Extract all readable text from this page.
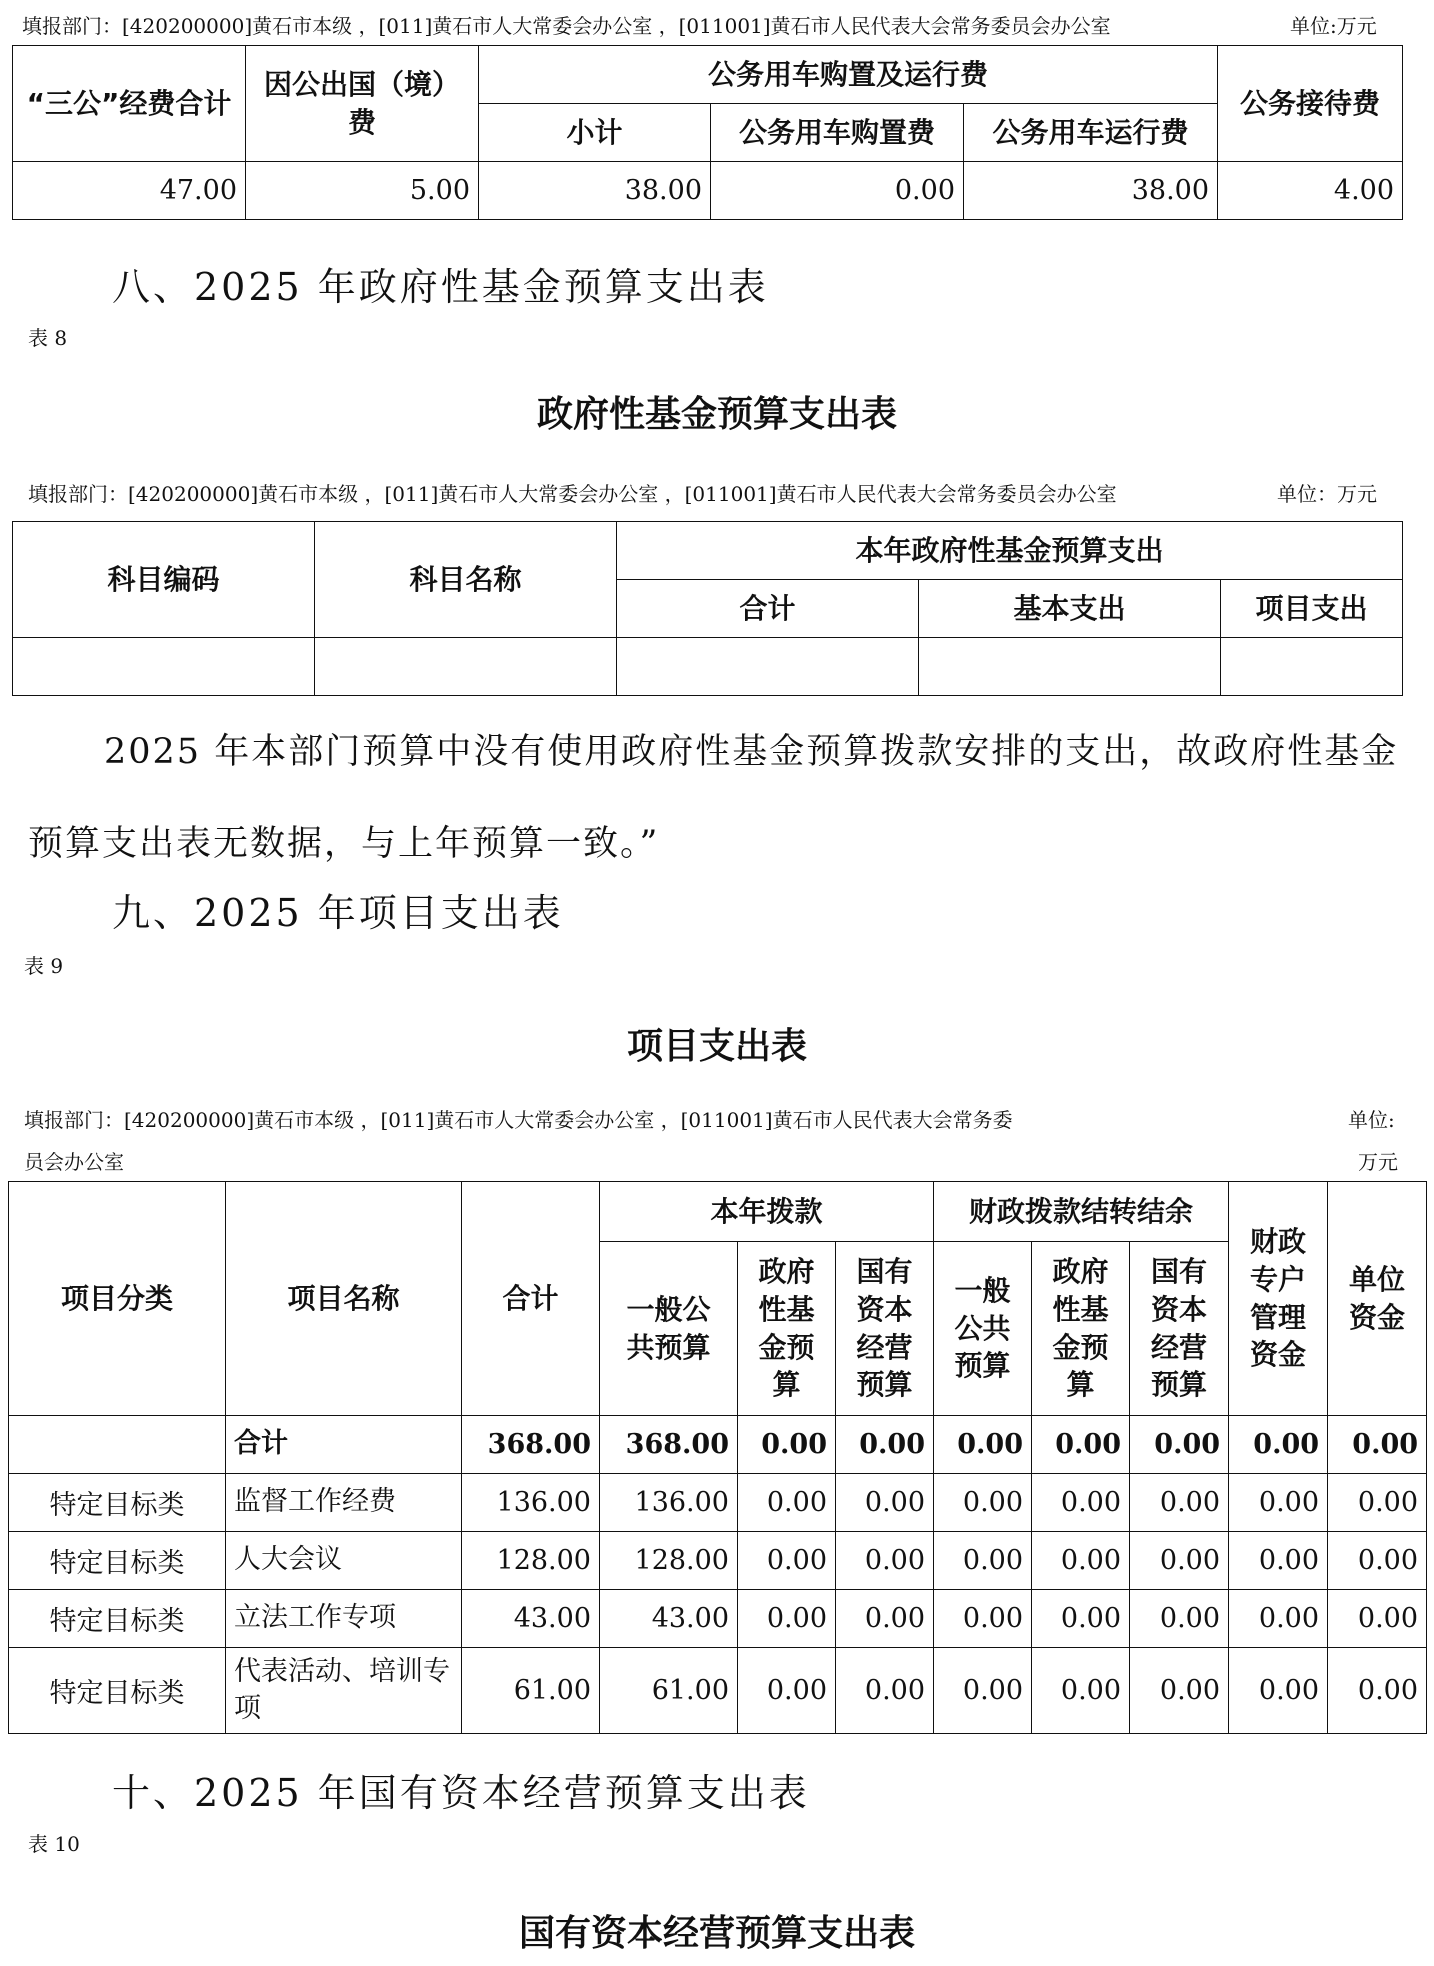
填报部门：[420200000]黄石市本级 ，[011]黄石市人大常委会办公室 ，[011001]黄石市人民代表大会常务委员会办公室	单位:万元
“三公”经费合计	因公出国（境）费	公务用车购置及运行费			公务接待费
		小计	公务用车购置费	公务用车运行费	
47.00	5.00	38.00	0.00	38.00	4.00
八、2025 年政府性基金预算支出表
表 8
政府性基金预算支出表
填报部门：[420200000]黄石市本级 ，[011]黄石市人大常委会办公室 ，[011001]黄石市人民代表大会常务委员会办公室	单位：万元
科目编码	科目名称	本年政府性基金预算支出		
		合计	基本支出	项目支出

2025 年本部门预算中没有使用政府性基金预算拨款安排的支出，故政府性基金预算支出表无数据，与上年预算一致。”
九、2025 年项目支出表
表 9
项目支出表
填报部门：[420200000]黄石市本级 ，[011]黄石市人大常委会办公室 ，[011001]黄石市人民代表大会常务委
员会办公室
单位:
万元
项目分类	项目名称	合计	本年拨款			财政拨款结转结余			财政专户管理资金	单位资金
			一般公共预算	政府性基金预算	国有资本经营预算	一般公共预算	政府性基金预算	国有资本经营预算		
	合计	368.00	368.00	0.00	0.00	0.00	0.00	0.00	0.00	0.00
特定目标类	监督工作经费	136.00	136.00	0.00	0.00	0.00	0.00	0.00	0.00	0.00
特定目标类	人大会议	128.00	128.00	0.00	0.00	0.00	0.00	0.00	0.00	0.00
特定目标类	立法工作专项	43.00	43.00	0.00	0.00	0.00	0.00	0.00	0.00	0.00
特定目标类	代表活动、培训专项	61.00	61.00	0.00	0.00	0.00	0.00	0.00	0.00	0.00
十、2025 年国有资本经营预算支出表
表 10
国有资本经营预算支出表
